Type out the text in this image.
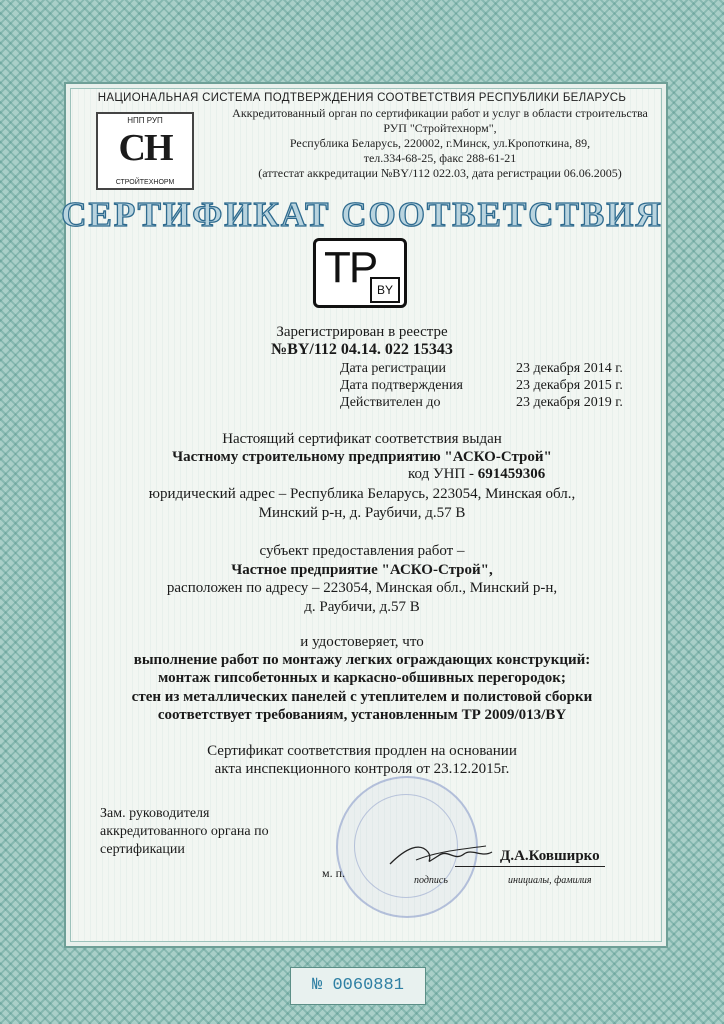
НАЦИОНАЛЬНАЯ СИСТЕМА ПОДТВЕРЖДЕНИЯ СООТВЕТСТВИЯ РЕСПУБЛИКИ БЕЛАРУСЬ
НПП РУП
СН
СТРОЙТЕХНОРМ
Аккредитованный орган по сертификации работ и услуг в области строительства
РУП "Стройтехнорм",
Республика Беларусь, 220002, г.Минск, ул.Кропоткина, 89,
тел.334-68-25, факс 288-61-21
(аттестат аккредитации №BY/112 022.03, дата регистрации 06.06.2005)
СЕРТИФИКАТ СООТВЕТСТВИЯ
TP BY
Зарегистрирован в реестре
№BY/112 04.14. 022 15343
Дата регистрации	23 декабря 2014 г.
Дата подтверждения	23 декабря 2015 г.
Действителен до	23 декабря 2019 г.
Настоящий сертификат соответствия выдан
Частному строительному предприятию "АСКО-Строй"
код УНП - 691459306
юридический адрес – Республика Беларусь, 223054, Минская обл.,
Минский р-н, д. Раубичи, д.57 В
субъект предоставления работ –
Частное предприятие "АСКО-Строй",
расположен по адресу – 223054, Минская обл., Минский р-н,
д. Раубичи, д.57 В
и удостоверяет, что
выполнение работ по монтажу легких ограждающих конструкций:
монтаж гипсобетонных и каркасно-обшивных перегородок;
стен из металлических панелей с утеплителем и полистовой сборки
соответствует требованиям, установленным ТР 2009/013/BY
Сертификат соответствия продлен на основании
акта инспекционного контроля от 23.12.2015г.
Зам. руководителя
аккредитованного органа по
сертификации
м. п.
подпись
Д.А.Ковширко
инициалы, фамилия
№ 0060881
